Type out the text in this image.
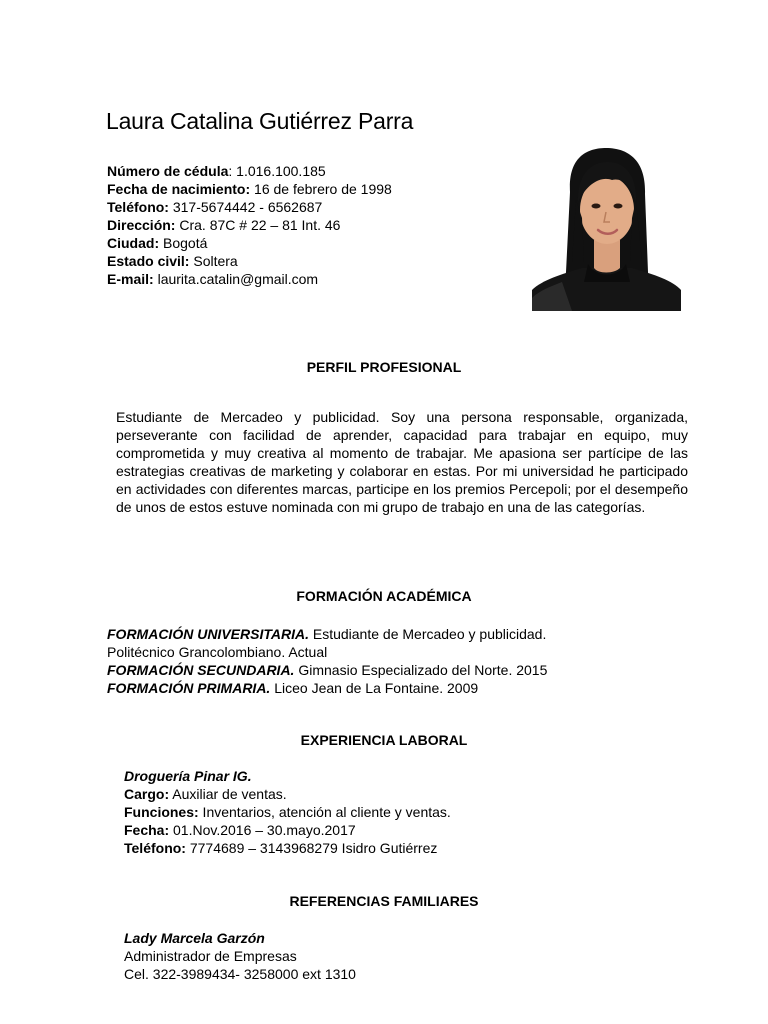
Laura Catalina Gutiérrez Parra
Número de cédula: 1.016.100.185
Fecha de nacimiento: 16 de febrero de 1998
Teléfono: 317-5674442 - 6562687
Dirección: Cra. 87C # 22 – 81 Int. 46
Ciudad: Bogotá
Estado civil: Soltera
E-mail: laurita.catalin@gmail.com
PERFIL PROFESIONAL

Estudiante de Mercadeo y publicidad. Soy una persona responsable, organizada, perseverante con facilidad de aprender, capacidad para trabajar en equipo, muy comprometida y muy creativa al momento de trabajar. Me apasiona ser partícipe de las estrategias creativas de marketing y colaborar en estas. Por mi universidad he participado en actividades con diferentes marcas, participe en los premios Percepoli; por el desempeño de unos de estos estuve nominada con mi grupo de trabajo en una de las categorías.

FORMACIÓN ACADÉMICA
FORMACIÓN UNIVERSITARIA. Estudiante de Mercadeo y publicidad.
Politécnico Grancolombiano. Actual
FORMACIÓN SECUNDARIA. Gimnasio Especializado del Norte. 2015
FORMACIÓN PRIMARIA. Liceo Jean de La Fontaine. 2009
EXPERIENCIA LABORAL
Droguería Pinar IG.
Cargo: Auxiliar de ventas.
Funciones: Inventarios, atención al cliente y ventas.
Fecha: 01.Nov.2016 – 30.mayo.2017
Teléfono: 7774689 – 3143968279 Isidro Gutiérrez
REFERENCIAS FAMILIARES
Lady Marcela Garzón
Administrador de Empresas
Cel. 322-3989434- 3258000 ext 1310
